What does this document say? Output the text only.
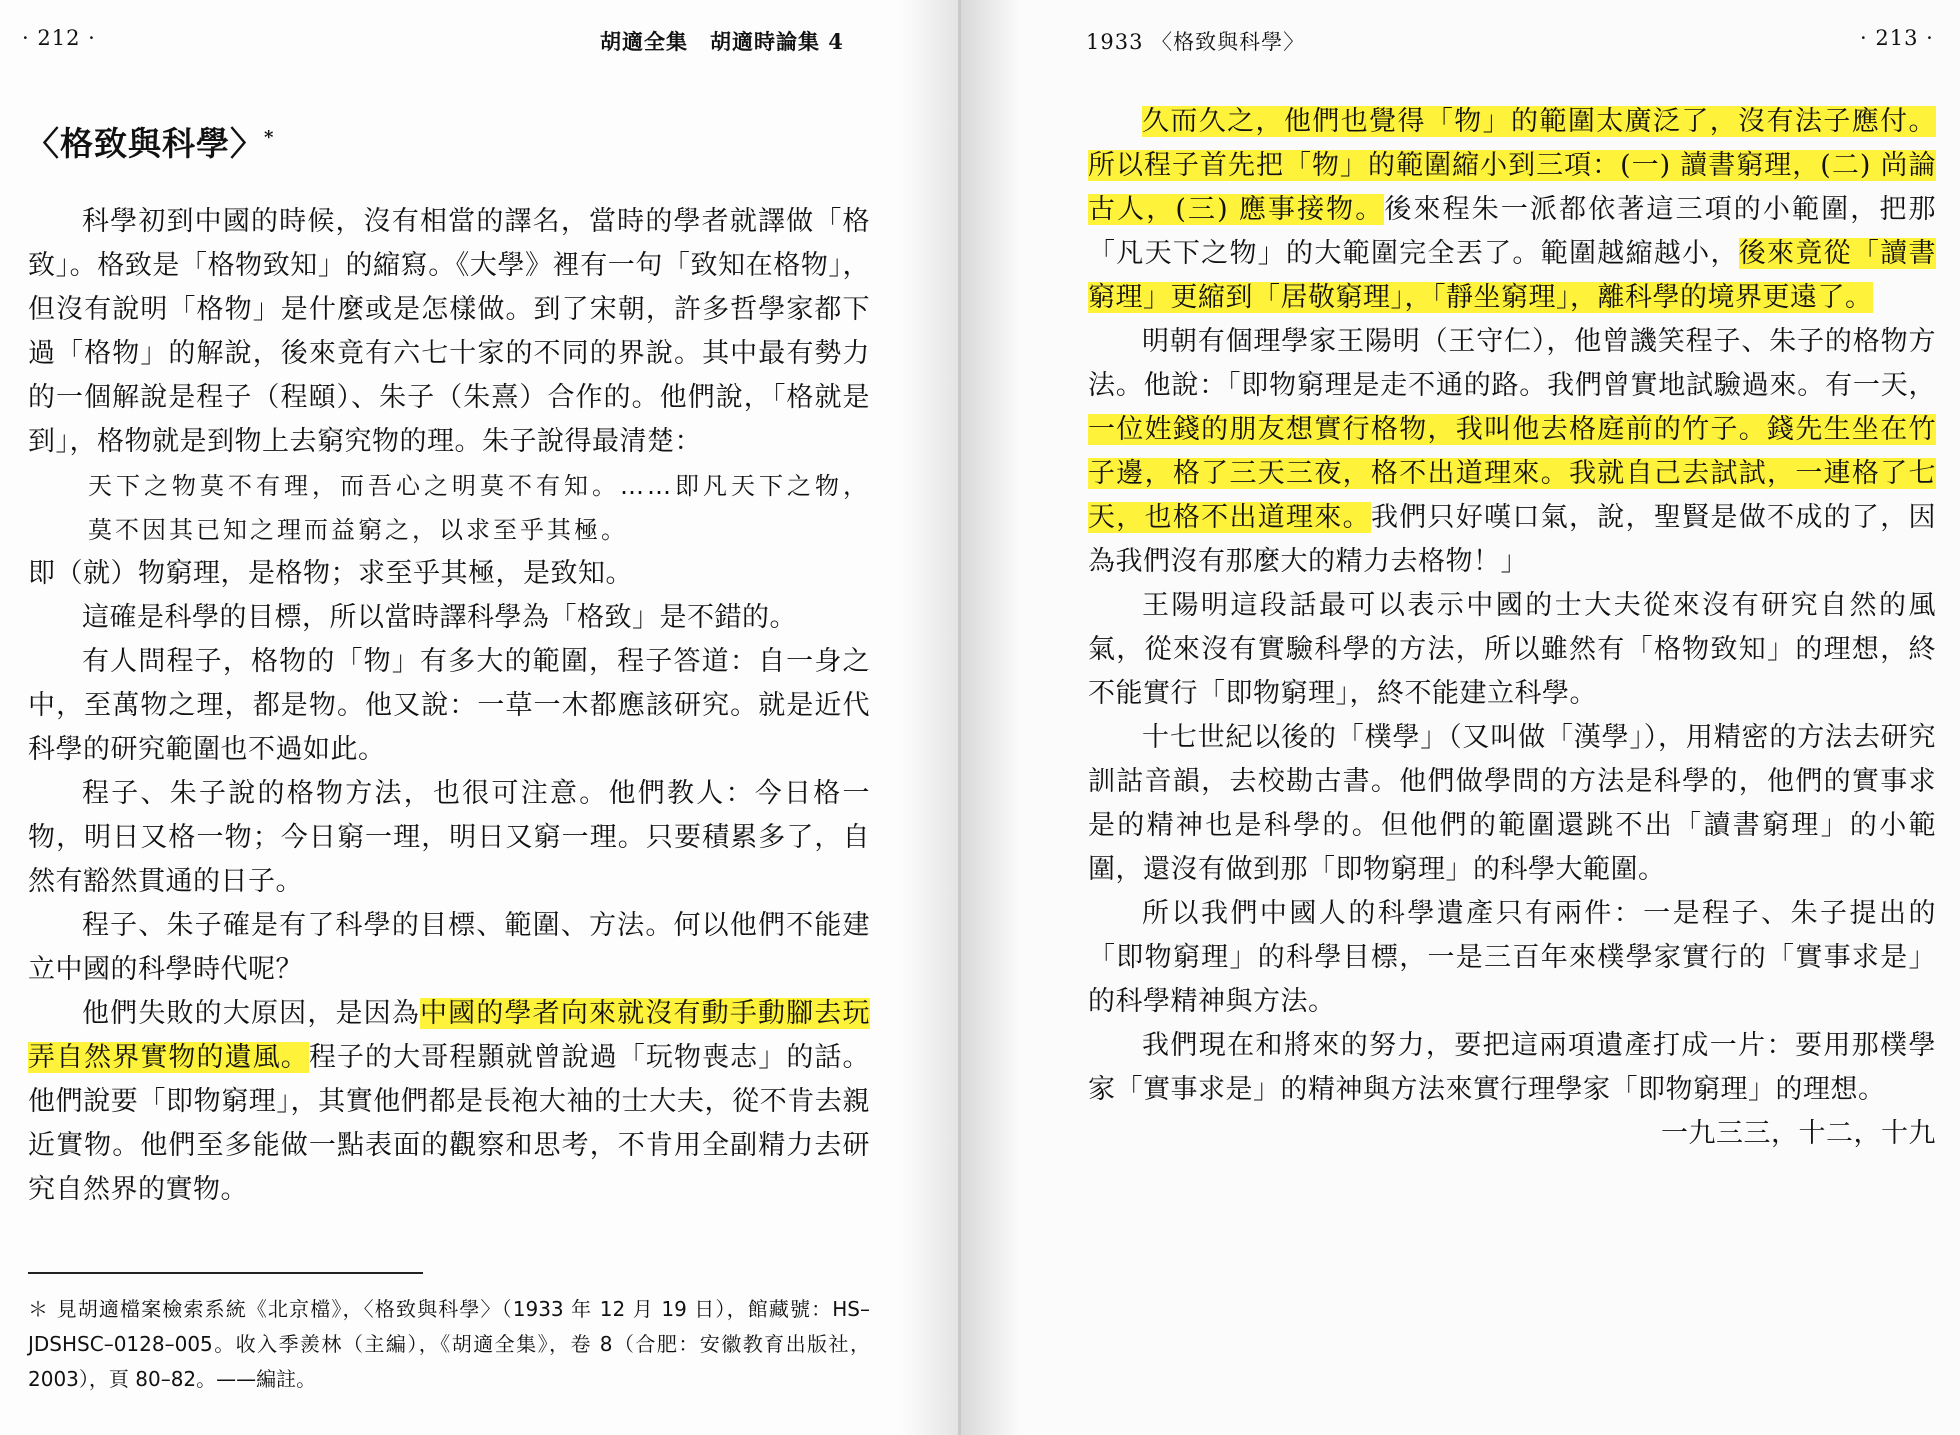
· 212 ·	胡適全集　胡適時論集 4
〈格致與科學〉*

科學初到中國的時候，沒有相當的譯名，當時的學者就譯做「格致」。格致是「格物致知」的縮寫。《大學》裡有一句「致知在格物」，但沒有說明「格物」是什麼或是怎樣做。到了宋朝，許多哲學家都下過「格物」的解說，後來竟有六七十家的不同的界說。其中最有勢力的一個解說是程子（程頤）、朱子（朱熹）合作的。他們說，「格就是到」，格物就是到物上去窮究物的理。朱子說得最清楚：

天下之物莫不有理，而吾心之明莫不有知。……即凡天下之物，莫不因其已知之理而益窮之，以求至乎其極。

即（就）物窮理，是格物；求至乎其極，是致知。

這確是科學的目標，所以當時譯科學為「格致」是不錯的。

有人問程子，格物的「物」有多大的範圍，程子答道：自一身之中，至萬物之理，都是物。他又說：一草一木都應該研究。就是近代科學的研究範圍也不過如此。

程子、朱子說的格物方法，也很可注意。他們教人：今日格一物，明日又格一物；今日窮一理，明日又窮一理。只要積累多了，自然有豁然貫通的日子。

程子、朱子確是有了科學的目標、範圍、方法。何以他們不能建立中國的科學時代呢？

他們失敗的大原因，是因為中國的學者向來就沒有動手動腳去玩弄自然界實物的遺風。程子的大哥程顥就曾說過「玩物喪志」的話。他們說要「即物窮理」，其實他們都是長袍大袖的士大夫，從不肯去親近實物。他們至多能做一點表面的觀察和思考，不肯用全副精力去研究自然界的實物。

＊ 見胡適檔案檢索系統《北京檔》，〈格致與科學〉（1933 年 12 月 19 日），館藏號：HS–JDSHSC–0128–005。收入季羨林（主編），《胡適全集》，卷 8（合肥：安徽教育出版社，2003），頁 80–82。——編註。
1933 〈格致與科學〉	· 213 ·

久而久之，他們也覺得「物」的範圍太廣泛了，沒有法子應付。所以程子首先把「物」的範圍縮小到三項：(一) 讀書窮理，(二) 尚論古人，(三) 應事接物。後來程朱一派都依著這三項的小範圍，把那「凡天下之物」的大範圍完全丟了。範圍越縮越小，後來竟從「讀書窮理」更縮到「居敬窮理」，「靜坐窮理」，離科學的境界更遠了。

明朝有個理學家王陽明（王守仁），他曾譏笑程子、朱子的格物方法。他說：「即物窮理是走不通的路。我們曾實地試驗過來。有一天，一位姓錢的朋友想實行格物，我叫他去格庭前的竹子。錢先生坐在竹子邊，格了三天三夜，格不出道理來。我就自己去試試，一連格了七天，也格不出道理來。我們只好嘆口氣，說，聖賢是做不成的了，因為我們沒有那麼大的精力去格物！」

王陽明這段話最可以表示中國的士大夫從來沒有研究自然的風氣，從來沒有實驗科學的方法，所以雖然有「格物致知」的理想，終不能實行「即物窮理」，終不能建立科學。

十七世紀以後的「樸學」（又叫做「漢學」），用精密的方法去研究訓詁音韻，去校勘古書。他們做學問的方法是科學的，他們的實事求是的精神也是科學的。但他們的範圍還跳不出「讀書窮理」的小範圍，還沒有做到那「即物窮理」的科學大範圍。

所以我們中國人的科學遺產只有兩件：一是程子、朱子提出的「即物窮理」的科學目標，一是三百年來樸學家實行的「實事求是」的科學精神與方法。

我們現在和將來的努力，要把這兩項遺產打成一片：要用那樸學家「實事求是」的精神與方法來實行理學家「即物窮理」的理想。

一九三三，十二，十九
